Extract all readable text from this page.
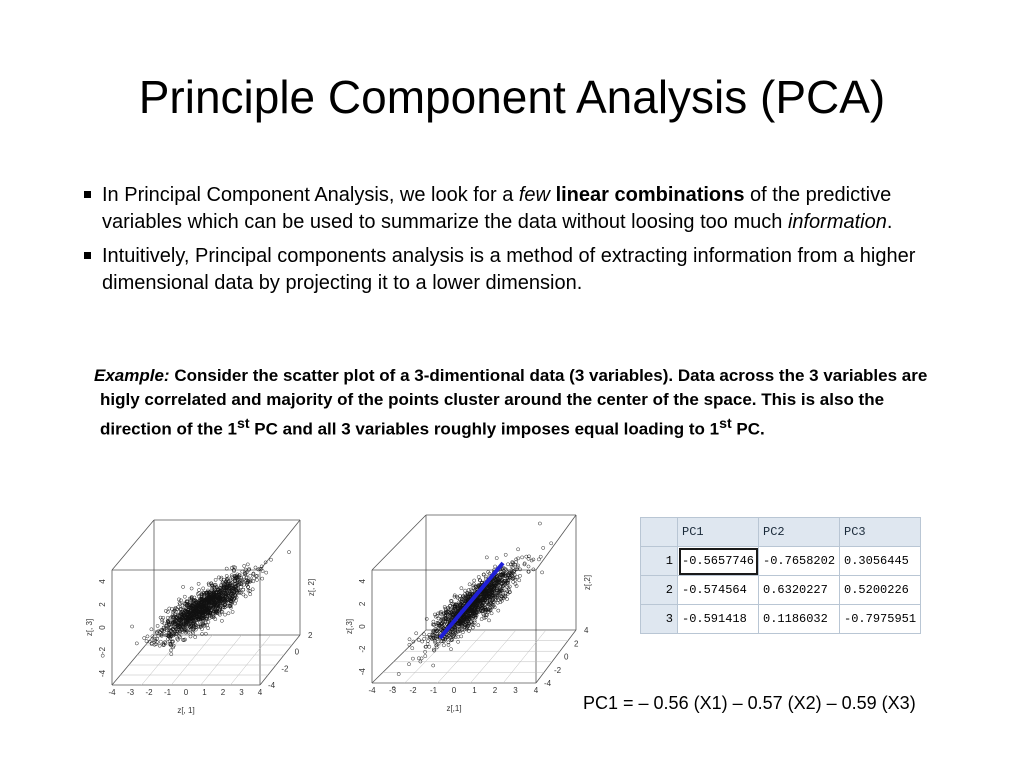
Principle Component Analysis (PCA)
In Principal Component Analysis, we look for a few linear combinations of the predictive variables which can be used to summarize the data without loosing too much information.
Intuitively, Principal components analysis is a method of extracting information from a higher dimensional data by projecting it to a lower dimension.
Example: Consider the scatter plot of a 3-dimentional data (3 variables). Data across the 3 variables are higly correlated and majority of the points cluster around the center of the space. This is also the direction of the 1st PC and all 3 variables roughly imposes equal loading to 1st PC.
-4 -3 -2 -1 0 1 2 3 4
-4
-2
0
2
4
-4
-2
0
2
z[, 1]
z[, 3]
z[, 2]
-4 -3 -2 -1 0 1 2 3 4
-4
-2
0
2
4
-4
-2
0
2
4
z[,1]
z[,3]
z[,2]
	PC1	PC2	PC3
1	-0.5657746	-0.7658202	0.3056445
2	-0.574564	0.6320227	0.5200226
3	-0.591418	0.1186032	-0.7975951
PC1 = – 0.56 (X1) – 0.57 (X2) – 0.59 (X3)
